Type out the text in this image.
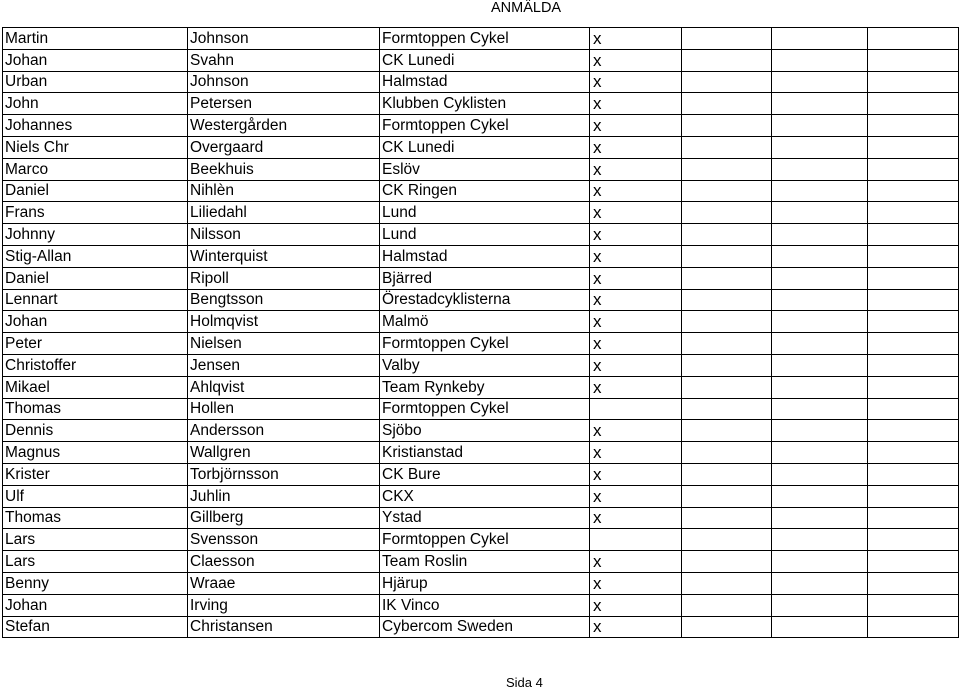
ANMÄLDA
Martin	Johnson	Formtoppen Cykel	x			
Johan	Svahn	CK Lunedi	x			
Urban	Johnson	Halmstad	x			
John	Petersen	Klubben Cyklisten	x			
Johannes	Westergården	Formtoppen Cykel	x			
Niels Chr	Overgaard	CK Lunedi	x			
Marco	Beekhuis	Eslöv	x			
Daniel	Nihlèn	CK Ringen	x			
Frans	Liliedahl	Lund	x			
Johnny	Nilsson	Lund	x			
Stig-Allan	Winterquist	Halmstad	x			
Daniel	Ripoll	Bjärred	x			
Lennart	Bengtsson	Örestadcyklisterna	x			
Johan	Holmqvist	Malmö	x			
Peter	Nielsen	Formtoppen Cykel	x			
Christoffer	Jensen	Valby	x			
Mikael	Ahlqvist	Team Rynkeby	x			
Thomas	Hollen	Formtoppen Cykel				
Dennis	Andersson	Sjöbo	x			
Magnus	Wallgren	Kristianstad	x			
Krister	Torbjörnsson	CK Bure	x			
Ulf	Juhlin	CKX	x			
Thomas	Gillberg	Ystad	x			
Lars	Svensson	Formtoppen Cykel				
Lars	Claesson	Team Roslin	x			
Benny	Wraae	Hjärup	x			
Johan	Irving	IK Vinco	x			
Stefan	Christansen	Cybercom Sweden	x			
Sida 4
